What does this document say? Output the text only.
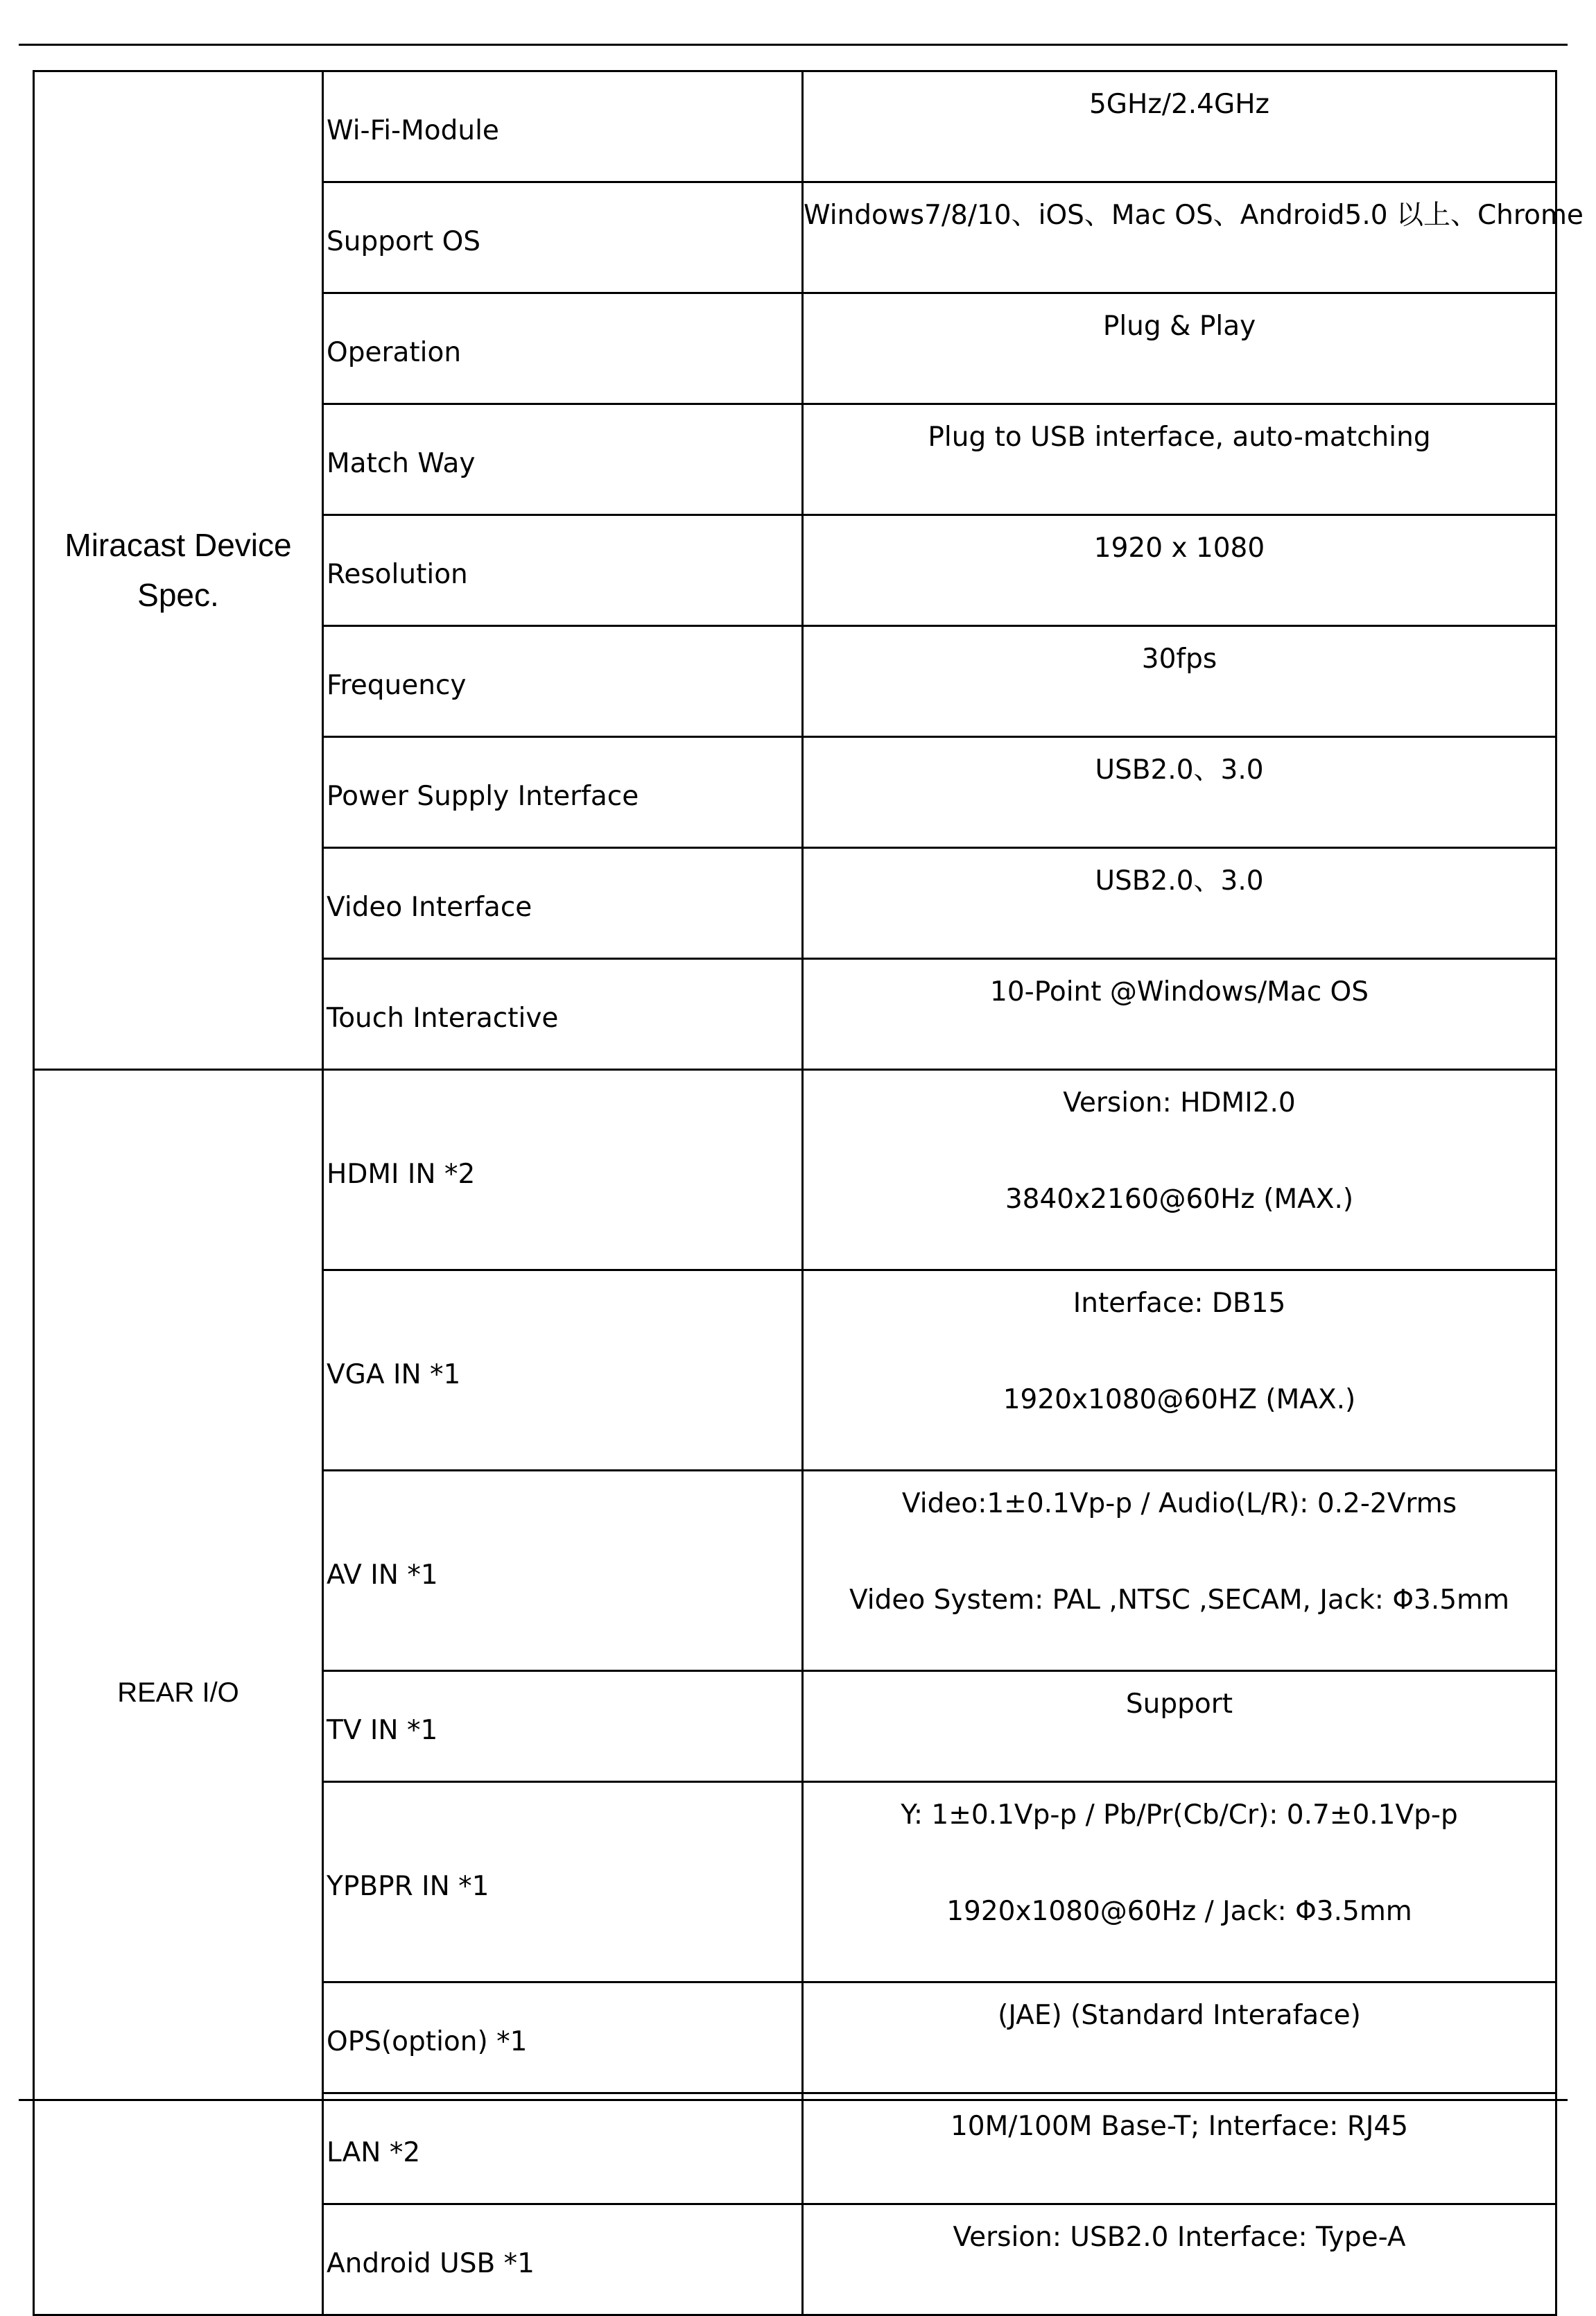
Miracast Device Spec.	Wi-Fi-Module	5GHz/2.4GHz
	Support OS	Windows7/8/10、iOS、Mac OS、Android5.0 以上、Chrome
	Operation	Plug & Play
	Match Way	Plug to USB interface, auto-matching
	Resolution	1920 x 1080
	Frequency	30fps
	Power Supply Interface	USB2.0、3.0
	Video Interface	USB2.0、3.0
	Touch Interactive	10-Point @Windows/Mac OS
REAR I/O	HDMI IN *2	Version: HDMI2.0
3840x2160@60Hz (MAX.)

	VGA IN *1	Interface: DB15
1920x1080@60HZ (MAX.)

	AV IN *1	Video:1±0.1Vp-p / Audio(L/R): 0.2-2Vrms
Video System: PAL ,NTSC ,SECAM, Jack: Φ3.5mm

	TV IN *1	Support

	YPBPR IN *1	Y: 1±0.1Vp-p / Pb/Pr(Cb/Cr): 0.7±0.1Vp-p
1920x1080@60Hz / Jack: Φ3.5mm

	OPS(option) *1	(JAE) (Standard Interaface)

	LAN *2	10M/100M Base-T; Interface: RJ45

	Android USB *1	Version: USB2.0 Interface: Type-A
